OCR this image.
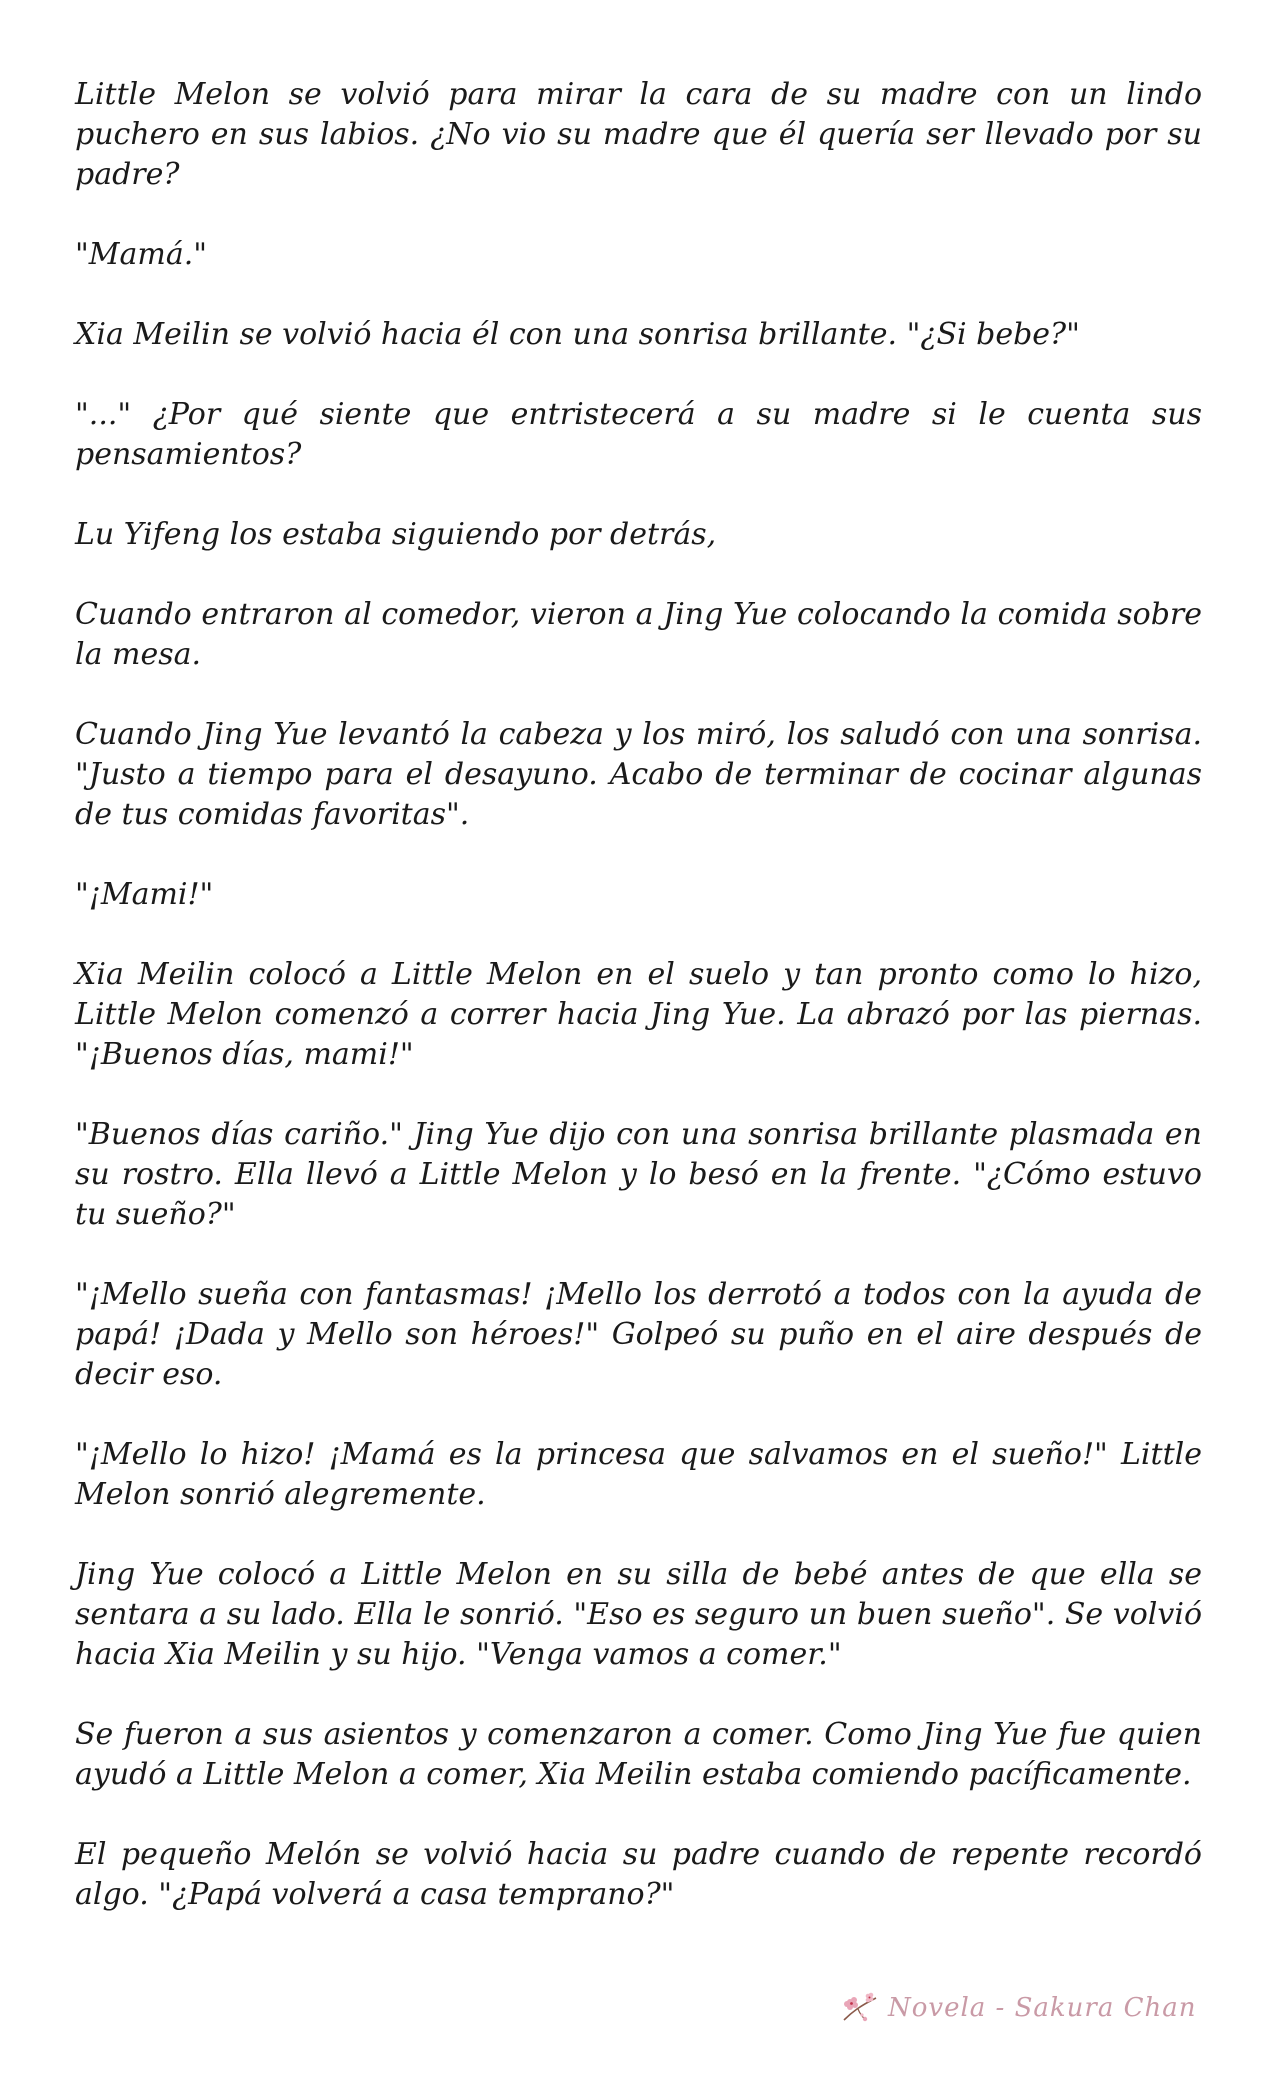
Little Melon se volvió para mirar la cara de su madre con un lindo puchero en sus labios. ¿No vio su madre que él quería ser llevado por su padre?

"Mamá."

Xia Meilin se volvió hacia él con una sonrisa brillante. "¿Si bebe?"

"..." ¿Por qué siente que entristecerá a su madre si le cuenta sus pensamientos?

Lu Yifeng los estaba siguiendo por detrás,

Cuando entraron al comedor, vieron a Jing Yue colocando la comida sobre la mesa.

Cuando Jing Yue levantó la cabeza y los miró, los saludó con una sonrisa. "Justo a tiempo para el desayuno. Acabo de terminar de cocinar algunas de tus comidas favoritas".

"¡Mami!"

Xia Meilin colocó a Little Melon en el suelo y tan pronto como lo hizo, Little Melon comenzó a correr hacia Jing Yue. La abrazó por las piernas. "¡Buenos días, mami!"

"Buenos días cariño." Jing Yue dijo con una sonrisa brillante plasmada en su rostro. Ella llevó a Little Melon y lo besó en la frente. "¿Cómo estuvo tu sueño?"

"¡Mello sueña con fantasmas! ¡Mello los derrotó a todos con la ayuda de papá! ¡Dada y Mello son héroes!" Golpeó su puño en el aire después de decir eso.

"¡Mello lo hizo! ¡Mamá es la princesa que salvamos en el sueño!" Little Melon sonrió alegremente.

Jing Yue colocó a Little Melon en su silla de bebé antes de que ella se sentara a su lado. Ella le sonrió. "Eso es seguro un buen sueño". Se volvió hacia Xia Meilin y su hijo. "Venga vamos a comer."

Se fueron a sus asientos y comenzaron a comer. Como Jing Yue fue quien ayudó a Little Melon a comer, Xia Meilin estaba comiendo pacíficamente.

El pequeño Melón se volvió hacia su padre cuando de repente recordó algo. "¿Papá volverá a casa temprano?"

Novela - Sakura Chan
